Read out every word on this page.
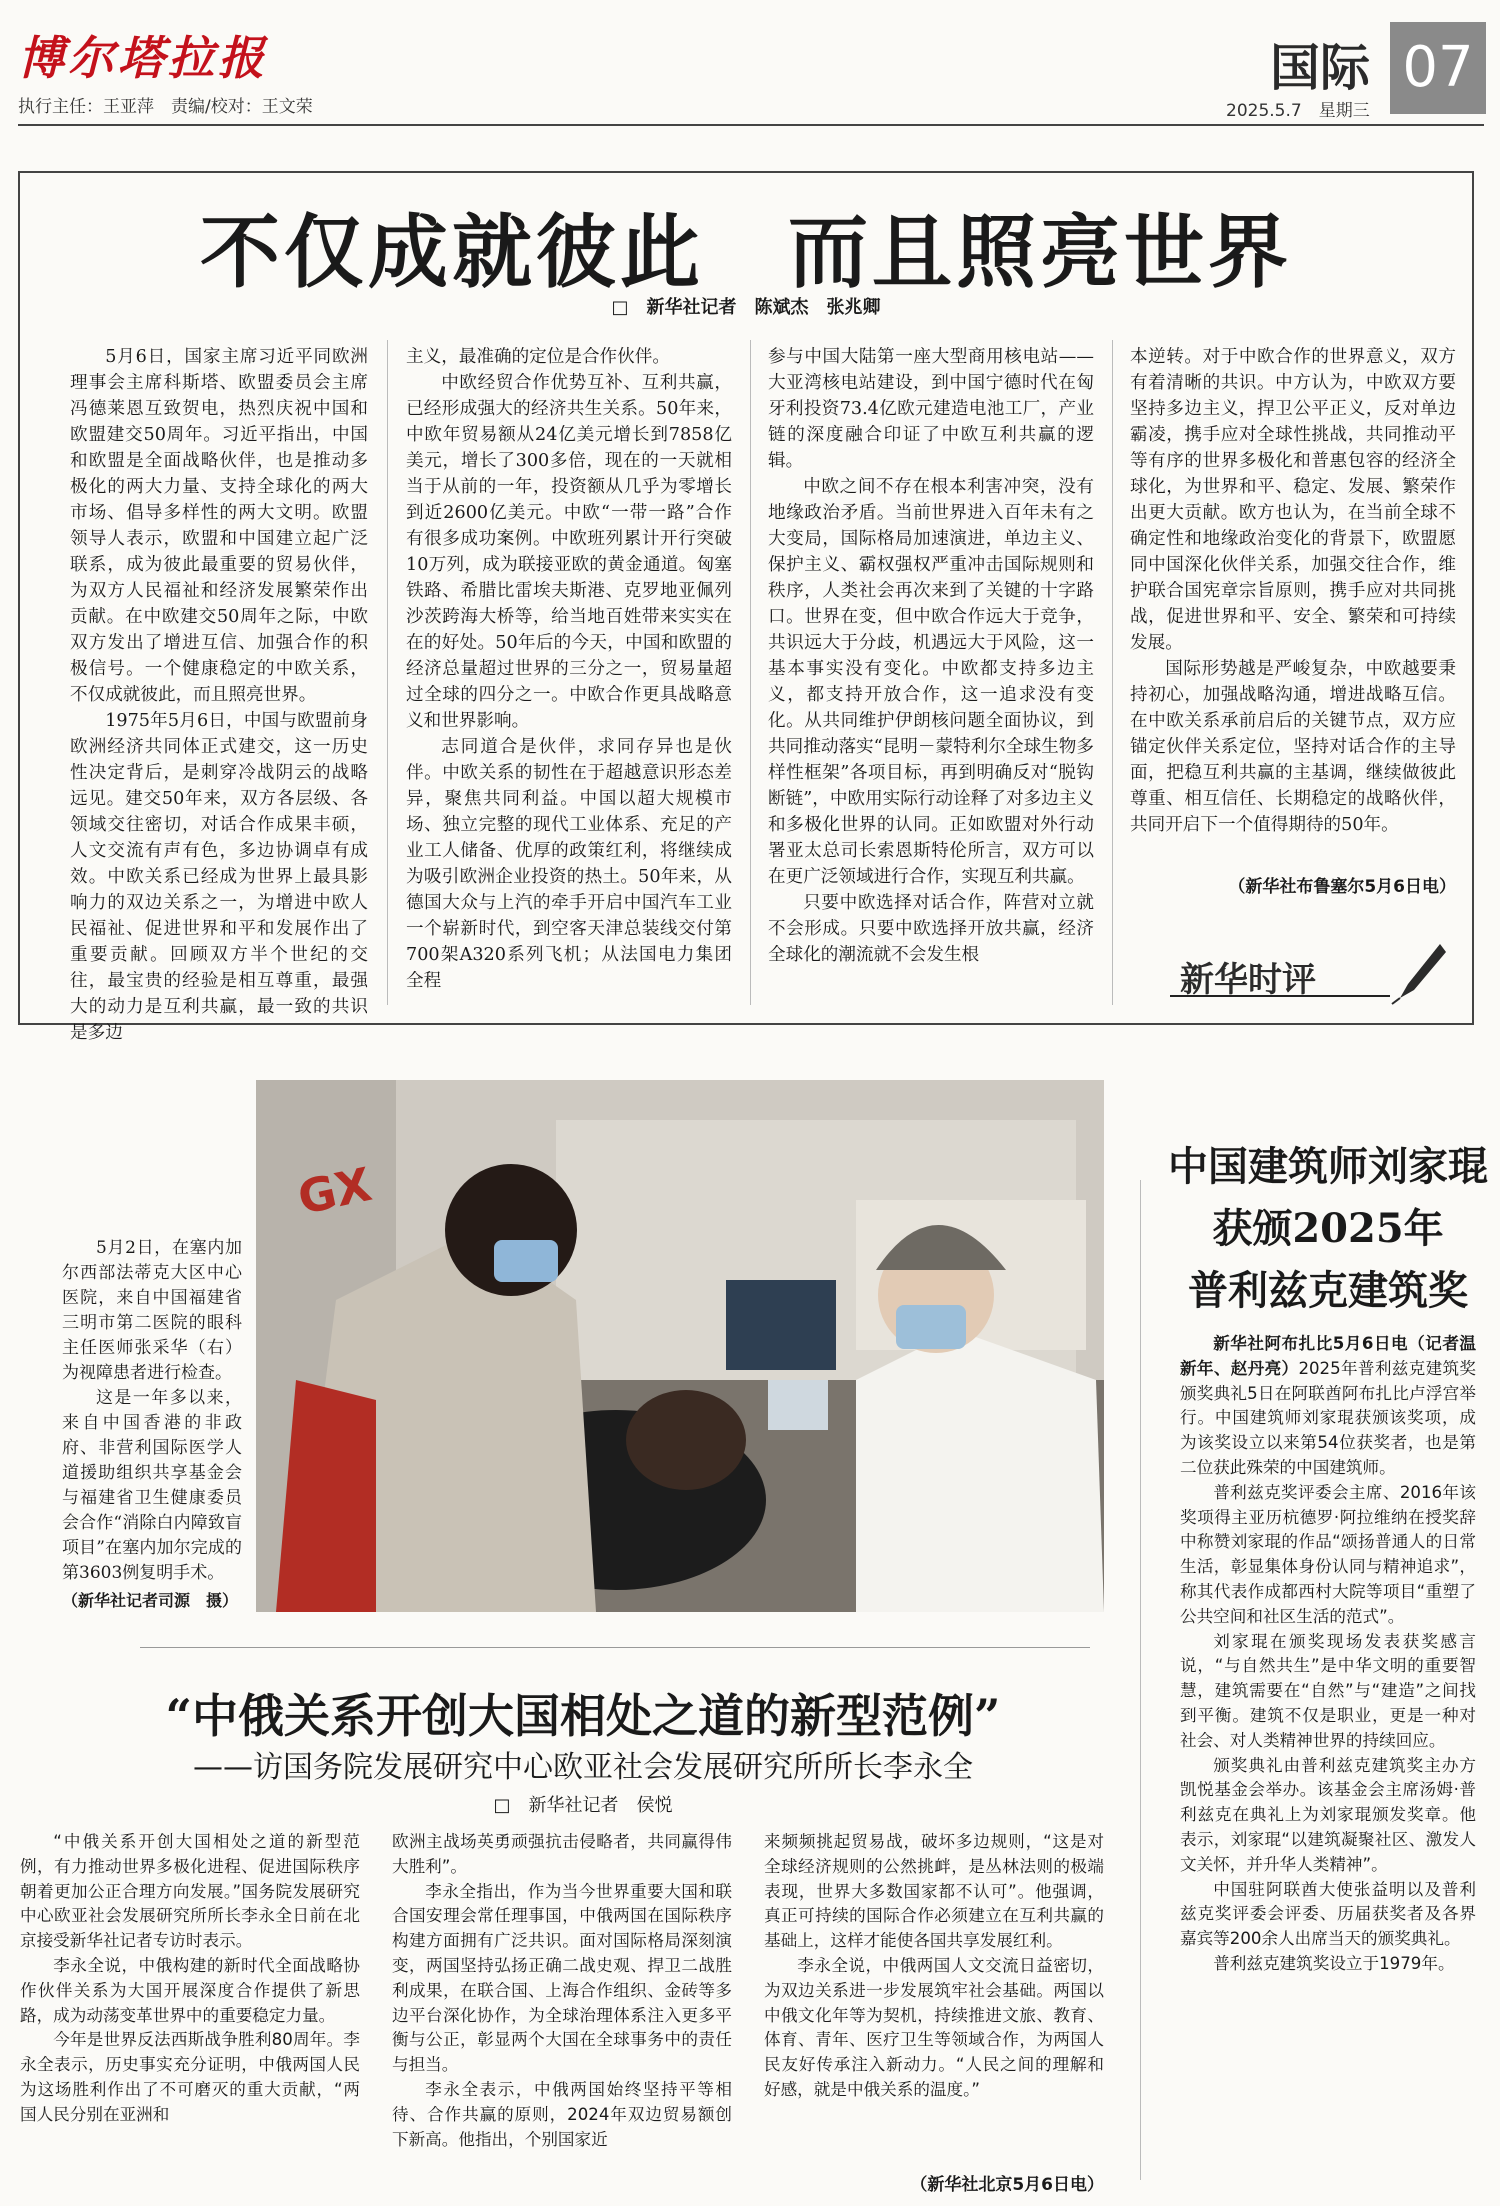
博尔塔拉报
执行主任：王亚萍　责编/校对：王文荣
国际 07
2025.5.7　星期三
不仅成就彼此　而且照亮世界
□　新华社记者　陈斌杰　张兆卿

5月6日，国家主席习近平同欧洲理事会主席科斯塔、欧盟委员会主席冯德莱恩互致贺电，热烈庆祝中国和欧盟建交50周年。习近平指出，中国和欧盟是全面战略伙伴，也是推动多极化的两大力量、支持全球化的两大市场、倡导多样性的两大文明。欧盟领导人表示，欧盟和中国建立起广泛联系，成为彼此最重要的贸易伙伴，为双方人民福祉和经济发展繁荣作出贡献。在中欧建交50周年之际，中欧双方发出了增进互信、加强合作的积极信号。一个健康稳定的中欧关系，不仅成就彼此，而且照亮世界。

1975年5月6日，中国与欧盟前身欧洲经济共同体正式建交，这一历史性决定背后，是刺穿冷战阴云的战略远见。建交50年来，双方各层级、各领域交往密切，对话合作成果丰硕，人文交流有声有色，多边协调卓有成效。中欧关系已经成为世界上最具影响力的双边关系之一，为增进中欧人民福祉、促进世界和平和发展作出了重要贡献。回顾双方半个世纪的交往，最宝贵的经验是相互尊重，最强大的动力是互利共赢，最一致的共识是多边

主义，最准确的定位是合作伙伴。

中欧经贸合作优势互补、互利共赢，已经形成强大的经济共生关系。50年来，中欧年贸易额从24亿美元增长到7858亿美元，增长了300多倍，现在的一天就相当于从前的一年，投资额从几乎为零增长到近2600亿美元。中欧“一带一路”合作有很多成功案例。中欧班列累计开行突破10万列，成为联接亚欧的黄金通道。匈塞铁路、希腊比雷埃夫斯港、克罗地亚佩列沙茨跨海大桥等，给当地百姓带来实实在在的好处。50年后的今天，中国和欧盟的经济总量超过世界的三分之一，贸易量超过全球的四分之一。中欧合作更具战略意义和世界影响。

志同道合是伙伴，求同存异也是伙伴。中欧关系的韧性在于超越意识形态差异，聚焦共同利益。中国以超大规模市场、独立完整的现代工业体系、充足的产业工人储备、优厚的政策红利，将继续成为吸引欧洲企业投资的热土。50年来，从德国大众与上汽的牵手开启中国汽车工业一个崭新时代，到空客天津总装线交付第700架A320系列飞机；从法国电力集团全程

参与中国大陆第一座大型商用核电站——大亚湾核电站建设，到中国宁德时代在匈牙利投资73.4亿欧元建造电池工厂，产业链的深度融合印证了中欧互利共赢的逻辑。

中欧之间不存在根本利害冲突，没有地缘政治矛盾。当前世界进入百年未有之大变局，国际格局加速演进，单边主义、保护主义、霸权强权严重冲击国际规则和秩序，人类社会再次来到了关键的十字路口。世界在变，但中欧合作远大于竞争，共识远大于分歧，机遇远大于风险，这一基本事实没有变化。中欧都支持多边主义，都支持开放合作，这一追求没有变化。从共同维护伊朗核问题全面协议，到共同推动落实“昆明－蒙特利尔全球生物多样性框架”各项目标，再到明确反对“脱钩断链”，中欧用实际行动诠释了对多边主义和多极化世界的认同。正如欧盟对外行动署亚太总司长索恩斯特伦所言，双方可以在更广泛领域进行合作，实现互利共赢。

只要中欧选择对话合作，阵营对立就不会形成。只要中欧选择开放共赢，经济全球化的潮流就不会发生根

本逆转。对于中欧合作的世界意义，双方有着清晰的共识。中方认为，中欧双方要坚持多边主义，捍卫公平正义，反对单边霸凌，携手应对全球性挑战，共同推动平等有序的世界多极化和普惠包容的经济全球化，为世界和平、稳定、发展、繁荣作出更大贡献。欧方也认为，在当前全球不确定性和地缘政治变化的背景下，欧盟愿同中国深化伙伴关系，加强交往合作，维护联合国宪章宗旨原则，携手应对共同挑战，促进世界和平、安全、繁荣和可持续发展。

国际形势越是严峻复杂，中欧越要秉持初心，加强战略沟通，增进战略互信。在中欧关系承前启后的关键节点，双方应锚定伙伴关系定位，坚持对话合作的主导面，把稳互利共赢的主基调，继续做彼此尊重、相互信任、长期稳定的战略伙伴，共同开启下一个值得期待的50年。

（新华社布鲁塞尔5月6日电）
新华时评
GX

5月2日，在塞内加尔西部法蒂克大区中心医院，来自中国福建省三明市第二医院的眼科主任医师张采华（右）为视障患者进行检查。

这是一年多以来，来自中国香港的非政府、非营利国际医学人道援助组织共享基金会与福建省卫生健康委员会合作“消除白内障致盲项目”在塞内加尔完成的第3603例复明手术。

（新华社记者司源　摄）
中国建筑师刘家琨
获颁2025年
普利兹克建筑奖

新华社阿布扎比5月6日电（记者温新年、赵丹亮）2025年普利兹克建筑奖颁奖典礼5日在阿联酋阿布扎比卢浮宫举行。中国建筑师刘家琨获颁该奖项，成为该奖设立以来第54位获奖者，也是第二位获此殊荣的中国建筑师。

普利兹克奖评委会主席、2016年该奖项得主亚历杭德罗·阿拉维纳在授奖辞中称赞刘家琨的作品“颂扬普通人的日常生活，彰显集体身份认同与精神追求”，称其代表作成都西村大院等项目“重塑了公共空间和社区生活的范式”。

刘家琨在颁奖现场发表获奖感言说，“与自然共生”是中华文明的重要智慧，建筑需要在“自然”与“建造”之间找到平衡。建筑不仅是职业，更是一种对社会、对人类精神世界的持续回应。

颁奖典礼由普利兹克建筑奖主办方凯悦基金会举办。该基金会主席汤姆·普利兹克在典礼上为刘家琨颁发奖章。他表示，刘家琨“以建筑凝聚社区、激发人文关怀，并升华人类精神”。

中国驻阿联酋大使张益明以及普利兹克奖评委会评委、历届获奖者及各界嘉宾等200余人出席当天的颁奖典礼。

普利兹克建筑奖设立于1979年。

“中俄关系开创大国相处之道的新型范例”
——访国务院发展研究中心欧亚社会发展研究所所长李永全
□　新华社记者　侯悦

“中俄关系开创大国相处之道的新型范例，有力推动世界多极化进程、促进国际秩序朝着更加公正合理方向发展。”国务院发展研究中心欧亚社会发展研究所所长李永全日前在北京接受新华社记者专访时表示。

李永全说，中俄构建的新时代全面战略协作伙伴关系为大国开展深度合作提供了新思路，成为动荡变革世界中的重要稳定力量。

今年是世界反法西斯战争胜利80周年。李永全表示，历史事实充分证明，中俄两国人民为这场胜利作出了不可磨灭的重大贡献，“两国人民分别在亚洲和

欧洲主战场英勇顽强抗击侵略者，共同赢得伟大胜利”。

李永全指出，作为当今世界重要大国和联合国安理会常任理事国，中俄两国在国际秩序构建方面拥有广泛共识。面对国际格局深刻演变，两国坚持弘扬正确二战史观、捍卫二战胜利成果，在联合国、上海合作组织、金砖等多边平台深化协作，为全球治理体系注入更多平衡与公正，彰显两个大国在全球事务中的责任与担当。

李永全表示，中俄两国始终坚持平等相待、合作共赢的原则，2024年双边贸易额创下新高。他指出，个别国家近

来频频挑起贸易战，破坏多边规则，“这是对全球经济规则的公然挑衅，是丛林法则的极端表现，世界大多数国家都不认可”。他强调，真正可持续的国际合作必须建立在互利共赢的基础上，这样才能使各国共享发展红利。

李永全说，中俄两国人文交流日益密切，为双边关系进一步发展筑牢社会基础。两国以中俄文化年等为契机，持续推进文旅、教育、体育、青年、医疗卫生等领域合作，为两国人民友好传承注入新动力。“人民之间的理解和好感，就是中俄关系的温度。”

（新华社北京5月6日电）
